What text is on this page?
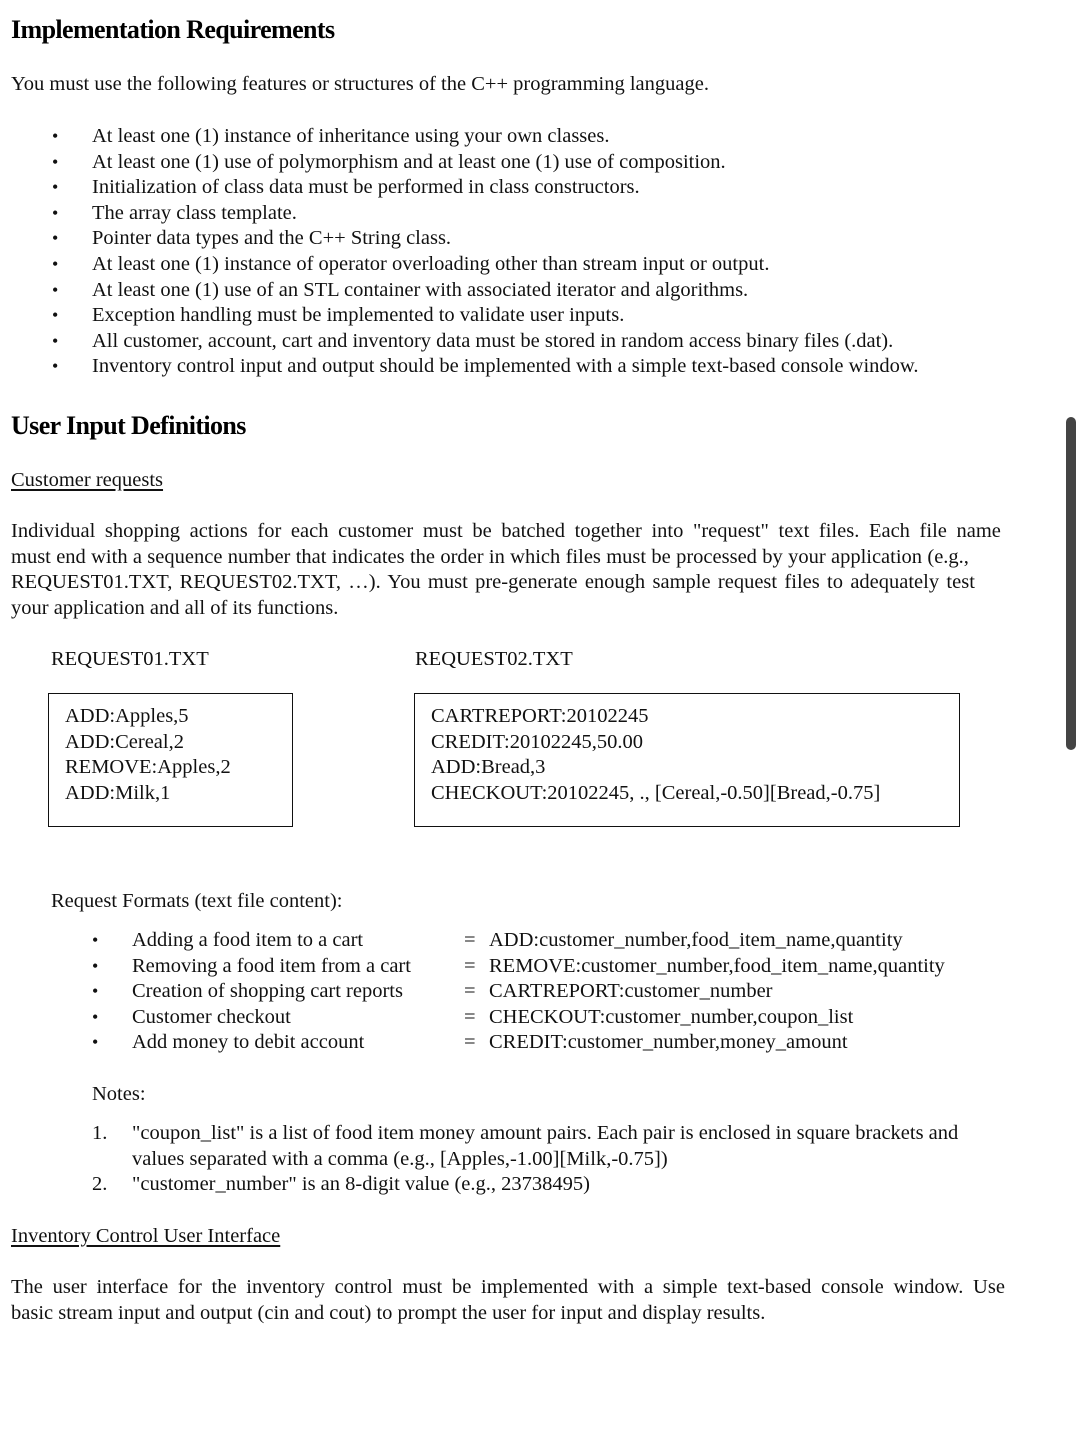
Implementation Requirements

You must use the following features or structures of the C++ programming language.

•	At least one (1) instance of inheritance using your own classes.
•	At least one (1) use of polymorphism and at least one (1) use of composition.
•	Initialization of class data must be performed in class constructors.
•	The array class template.
•	Pointer data types and the C++ String class.
•	At least one (1) instance of operator overloading other than stream input or output.
•	At least one (1) use of an STL container with associated iterator and algorithms.
•	Exception handling must be implemented to validate user inputs.
•	All customer, account, cart and inventory data must be stored in random access binary files (.dat).
•	Inventory control input and output should be implemented with a simple text-based console window.
User Input Definitions

Customer requests

Individual shopping actions for each customer must be batched together into "request" text files. Each file name
must end with a sequence number that indicates the order in which files must be processed by your application (e.g.,
REQUEST01.TXT, REQUEST02.TXT, …). You must pre-generate enough sample request files to adequately test
your application and all of its functions.
REQUEST01.TXT	REQUEST02.TXT
ADD:Apples,5
ADD:Cereal,2
REMOVE:Apples,2
ADD:Milk,1
CARTREPORT:20102245
CREDIT:20102245,50.00
ADD:Bread,3
CHECKOUT:20102245, ., [Cereal,-0.50][Bread,-0.75]
Request Formats (text file content):
• Adding a food item to a cart	= ADD:customer_number,food_item_name,quantity
• Removing a food item from a cart	= REMOVE:customer_number,food_item_name,quantity
• Creation of shopping cart reports	= CARTREPORT:customer_number
• Customer checkout	= CHECKOUT:customer_number,coupon_list
• Add money to debit account	= CREDIT:customer_number,money_amount
Notes:
1. "coupon_list" is a list of food item money amount pairs. Each pair is enclosed in square brackets and
values separated with a comma (e.g., [Apples,-1.00][Milk,-0.75])
2. "customer_number" is an 8-digit value (e.g., 23738495)

Inventory Control User Interface

The user interface for the inventory control must be implemented with a simple text-based console window. Use
basic stream input and output (cin and cout) to prompt the user for input and display results.
